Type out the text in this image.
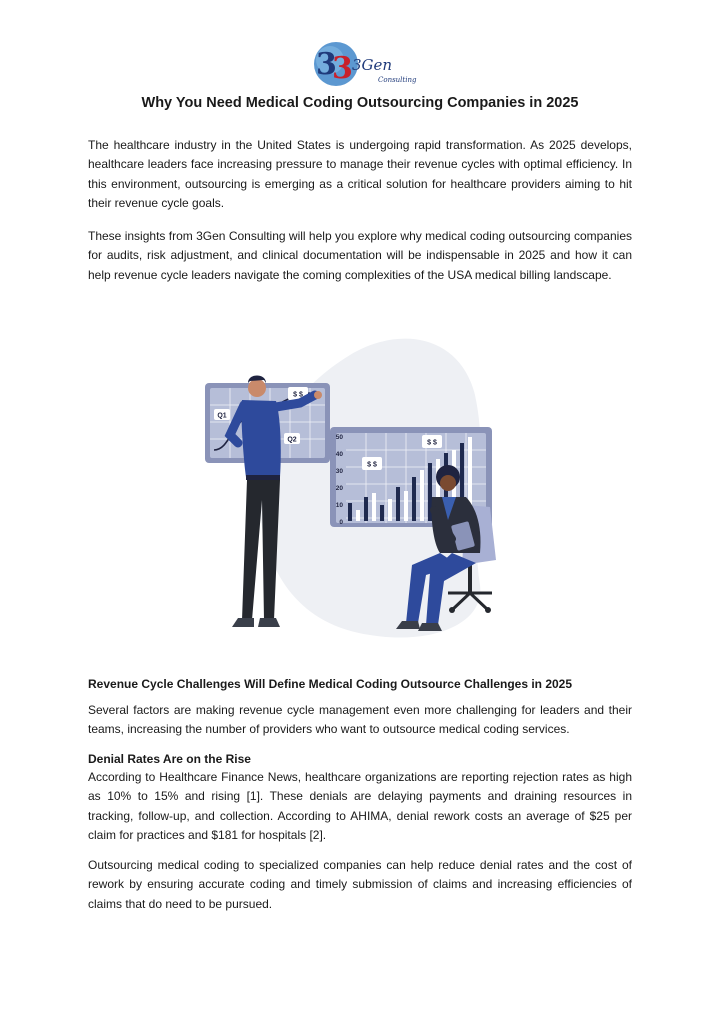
3
3 3Gen
Consulting
Why You Need Medical Coding Outsourcing Companies in 2025

The healthcare industry in the United States is undergoing rapid transformation. As 2025 develops, healthcare leaders face increasing pressure to manage their revenue cycles with optimal efficiency. In this environment, outsourcing is emerging as a critical solution for healthcare providers aiming to hit their revenue cycle goals.

These insights from 3Gen Consulting will help you explore why medical coding outsourcing companies for audits, risk adjustment, and clinical documentation will be indispensable in 2025 and how it can help revenue cycle leaders navigate the coming complexities of the USA medical billing landscape.

Q1
Q2
$ $
50
40
30
20
10
0
$ $
$ $

Revenue Cycle Challenges Will Define Medical Coding Outsource Challenges in 2025

Several factors are making revenue cycle management even more challenging for leaders and their teams, increasing the number of providers who want to outsource medical coding services.

Denial Rates Are on the Rise

According to Healthcare Finance News, healthcare organizations are reporting rejection rates as high as 10% to 15% and rising [1]. These denials are delaying payments and draining resources in tracking, follow-up, and collection. According to AHIMA, denial rework costs an average of $25 per claim for practices and $181 for hospitals [2].

Outsourcing medical coding to specialized companies can help reduce denial rates and the cost of rework by ensuring accurate coding and timely submission of claims and increasing efficiencies of claims that do need to be pursued.
